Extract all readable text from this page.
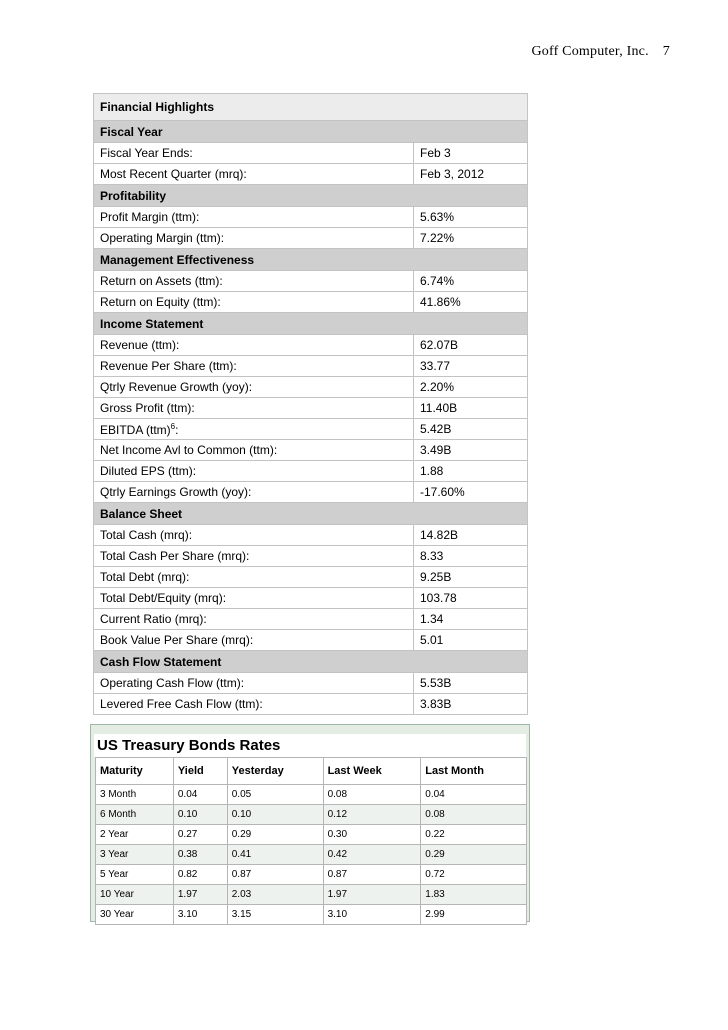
Goff Computer, Inc. 7
Financial Highlights	
Fiscal Year	
Fiscal Year Ends:	Feb 3
Most Recent Quarter (mrq):	Feb 3, 2012
Profitability	
Profit Margin (ttm):	5.63%
Operating Margin (ttm):	7.22%
Management Effectiveness	
Return on Assets (ttm):	6.74%
Return on Equity (ttm):	41.86%
Income Statement	
Revenue (ttm):	62.07B
Revenue Per Share (ttm):	33.77
Qtrly Revenue Growth (yoy):	2.20%
Gross Profit (ttm):	11.40B
EBITDA (ttm)$^6$:	5.42B
Net Income Avl to Common (ttm):	3.49B
Diluted EPS (ttm):	1.88
Qtrly Earnings Growth (yoy):	-17.60%
Balance Sheet	
Total Cash (mrq):	14.82B
Total Cash Per Share (mrq):	8.33
Total Debt (mrq):	9.25B
Total Debt/Equity (mrq):	103.78
Current Ratio (mrq):	1.34
Book Value Per Share (mrq):	5.01
Cash Flow Statement	
Operating Cash Flow (ttm):	5.53B
Levered Free Cash Flow (ttm):	3.83B
US Treasury Bonds Rates
Maturity	Yield	Yesterday	Last Week	Last Month
3 Month	0.04	0.05	0.08	0.04
6 Month	0.10	0.10	0.12	0.08
2 Year	0.27	0.29	0.30	0.22
3 Year	0.38	0.41	0.42	0.29
5 Year	0.82	0.87	0.87	0.72
10 Year	1.97	2.03	1.97	1.83
30 Year	3.10	3.15	3.10	2.99
